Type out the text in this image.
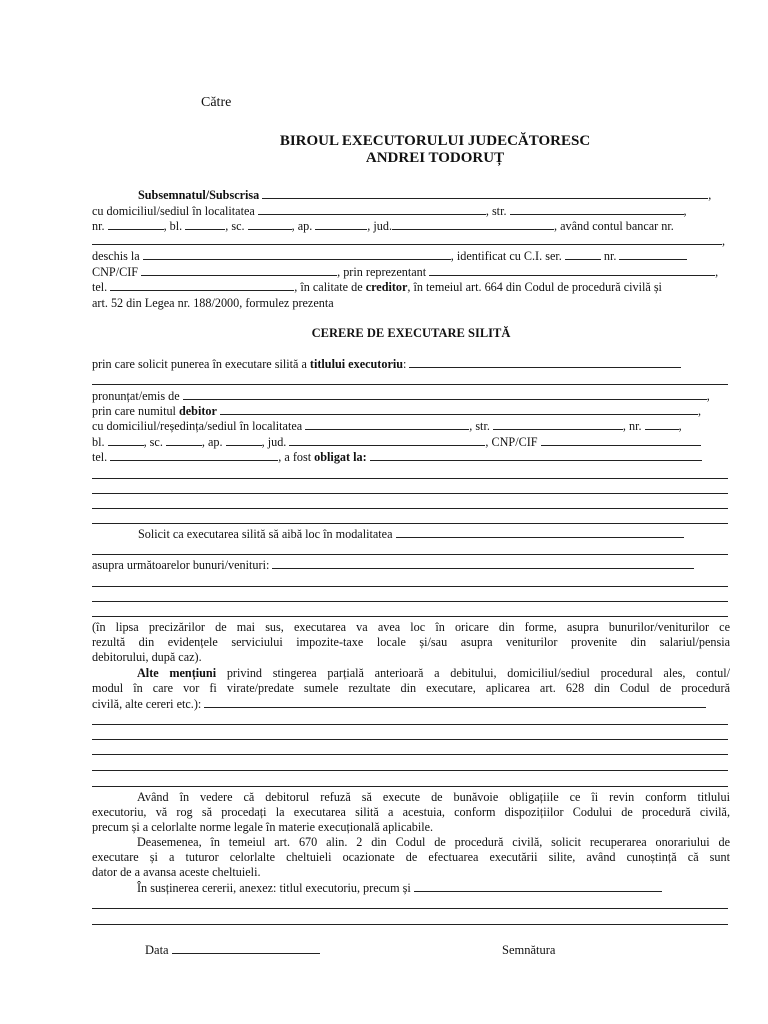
Către
BIROUL EXECUTORULUI JUDECĂTORESC
ANDREI TODORUȚ
Subsemnatul/Subscrisa	,
cu domiciliul/sediul în localitatea	, str.	,
nr.	, bl.	, sc.	, ap.	, jud.	, având contul bancar nr.
,
deschis la	, identificat cu C.I. ser.	nr.
CNP/CIF	, prin reprezentant	,
tel.	, în calitate de creditor, în temeiul art. 664 din Codul de procedură civilă și
art. 52 din Legea nr. 188/2000, formulez prezenta
CERERE DE EXECUTARE SILITĂ
prin care solicit punerea în executare silită a titlului executoriu:
pronunțat/emis de	,
prin care numitul debitor	,
cu domiciliul/reședința/sediul în localitatea	, str.	, nr.	,
bl.	, sc.	, ap.	, jud.	, CNP/CIF
tel.	, a fost obligat la:
Solicit ca executarea silită să aibă loc în modalitatea
asupra următoarelor bunuri/venituri:
(în lipsa precizărilor de mai sus, executarea va avea loc în oricare din forme, asupra bunurilor/veniturilor ce
rezultă din evidențele serviciului impozite-taxe locale și/sau asupra veniturilor provenite din salariul/pensia
debitorului, după caz).
Alte mențiuni privind stingerea parțială anterioară a debitului, domiciliul/sediul procedural ales, contul/
modul în care vor fi virate/predate sumele rezultate din executare, aplicarea art. 628 din Codul de procedură
civilă, alte cereri etc.):
Având în vedere că debitorul refuză să execute de bunăvoie obligațiile ce îi revin conform titlului
executoriu, vă rog să procedați la executarea silită a acestuia, conform dispozițiilor Codului de procedură civilă,
precum și a celorlalte norme legale în materie execuțională aplicabile.
Deasemenea, în temeiul art. 670 alin. 2 din Codul de procedură civilă, solicit recuperarea onorariului de
executare și a tuturor celorlalte cheltuieli ocazionate de efectuarea executării silite, având cunoștință că sunt
dator de a avansa aceste cheltuieli.
În susținerea cererii, anexez: titlul executoriu, precum și
Data	Semnătura
